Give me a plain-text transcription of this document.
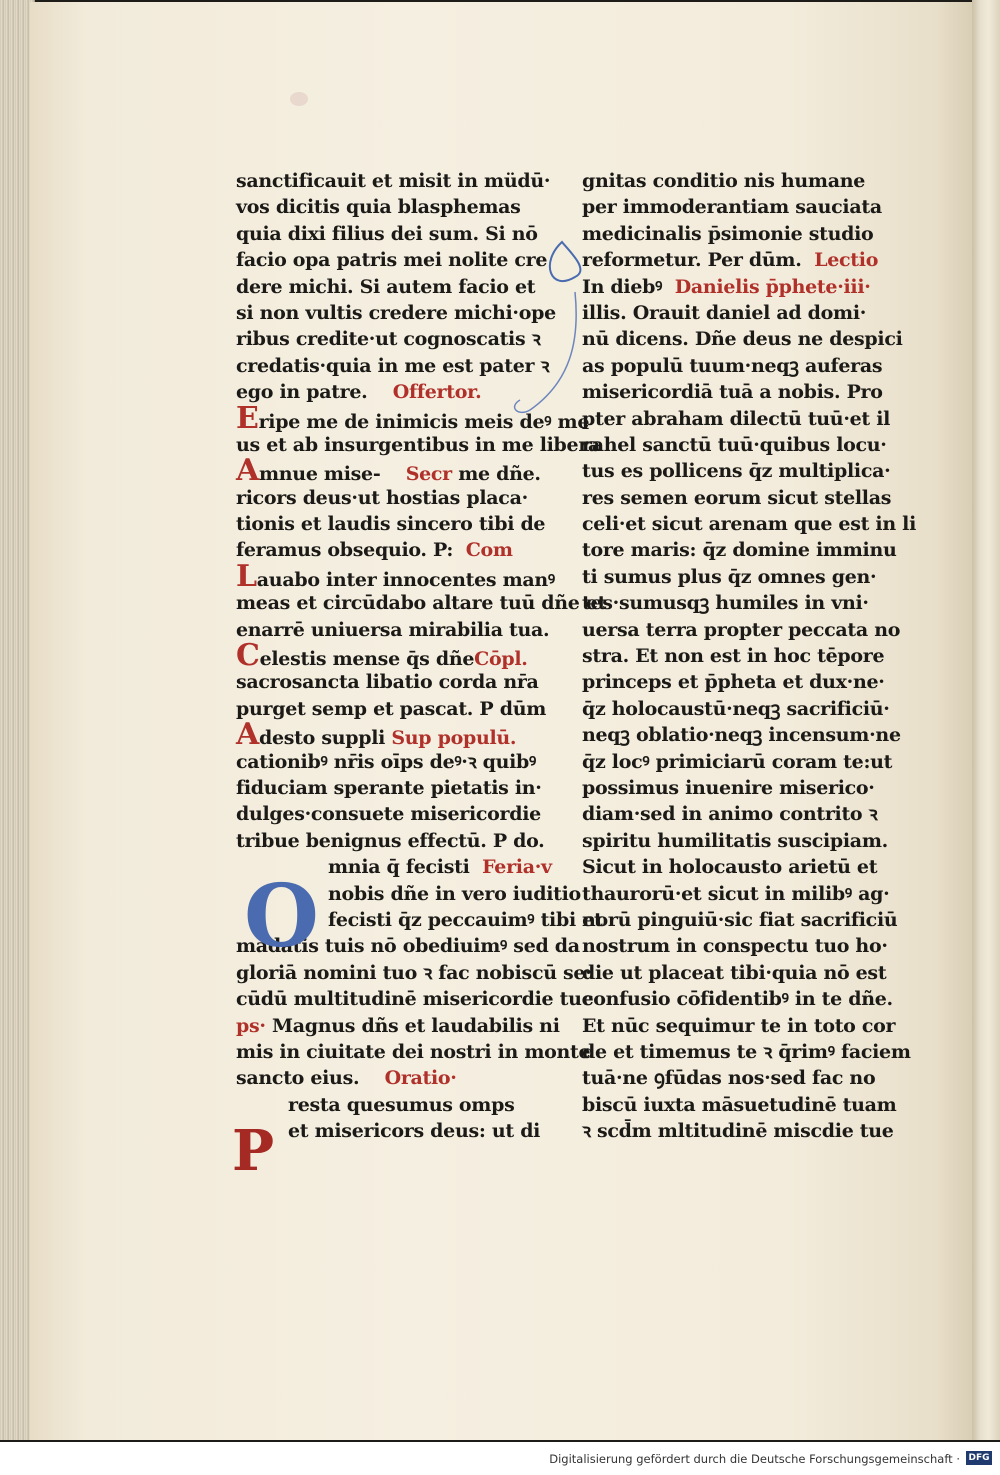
sanctificauit et misit in müdū·
vos dicitis quia blasphemas
quia dixi filius dei sum. Si nō
facio opa patris mei nolite cre
dere michi. Si autem facio et
si non vultis credere michi·ope
ribus credite·ut cognoscatis ꝛ
credatis·quia in me est pater ꝛ
ego in patre. Offertor.
Eripe me de inimicis meis deꝰ me
us et ab insurgentibus in me libera
Amnue mise- Secr me dñe.
ricors deus·ut hostias placa·
tionis et laudis sincero tibi de
feramus obsequio. P: Com
Lauabo inter innocentes manꝰ
meas et circūdabo altare tuū dñe et
enarrē uniuersa mirabilia tua.
Celestis mense q̄s dñeCōpl.
sacrosancta libatio corda nr̄a
purget semp et pascat. P dūm
Adesto suppli Sup populū.
cationibꝰ nr̄is oīps deꝰ·ꝛ quibꝰ
fiduciam sperante pietatis in·
dulges·consuete misericordie
tribue benignus effectū. P do.
mnia q̄ fecisti Feria·v
nobis dñe in vero iuditio
fecisti q̄z peccauimꝰ tibi et
mādatis tuis nō obediuimꝰ sed da
gloriā nomini tuo ꝛ fac nobiscū se·
cūdū multitudinē misericordie tue
ps· Magnus dñs et laudabilis ni
mis in ciuitate dei nostri in monte
sancto eius. Oratio·
resta quesumus omps
et misericors deus: ut di
O
P
gnitas conditio nis humane
per immoderantiam sauciata
medicinalis p̄simonie studio
reformetur. Per dūm. Lectio
In diebꝰ Danielis p̄phete·iii·
illis. Orauit daniel ad domi·
nū dicens. Dñe deus ne despici
as populū tuum·neqꝫ auferas
misericordiā tuā a nobis. Pro
pter abraham dilectū tuū·et il
rahel sanctū tuū·quibus locu·
tus es pollicens q̄z multiplica·
res semen eorum sicut stellas
celi·et sicut arenam que est in li
tore maris: q̄z domine imminu
ti sumus plus q̄z omnes gen·
tes·sumusqꝫ humiles in vni·
uersa terra propter peccata no
stra. Et non est in hoc tēpore
princeps et p̄pheta et dux·ne·
q̄z holocaustū·neqꝫ sacrificiū·
neqꝫ oblatio·neqꝫ incensum·ne
q̄z locꝰ primiciarū coram te:ut
possimus inuenire miserico·
diam·sed in animo contrito ꝛ
spiritu humilitatis suscipiam.
Sicut in holocausto arietū et
thaurorū·et sicut in milibꝰ ag·
norū pinguiū·sic fiat sacrificiū
nostrum in conspectu tuo ho·
die ut placeat tibi·quia nō est
confusio cōfidentibꝰ in te dñe.
Et nūc sequimur te in toto cor
de et timemus te ꝛ q̄rimꝰ faciem
tuā·ne ꝯfūdas nos·sed fac no
biscū iuxta māsuetudinē tuam
ꝛ scd̄m mltitudinē miscdie tue
Digitalisierung gefördert durch die Deutsche Forschungsgemeinschaft · DFG
